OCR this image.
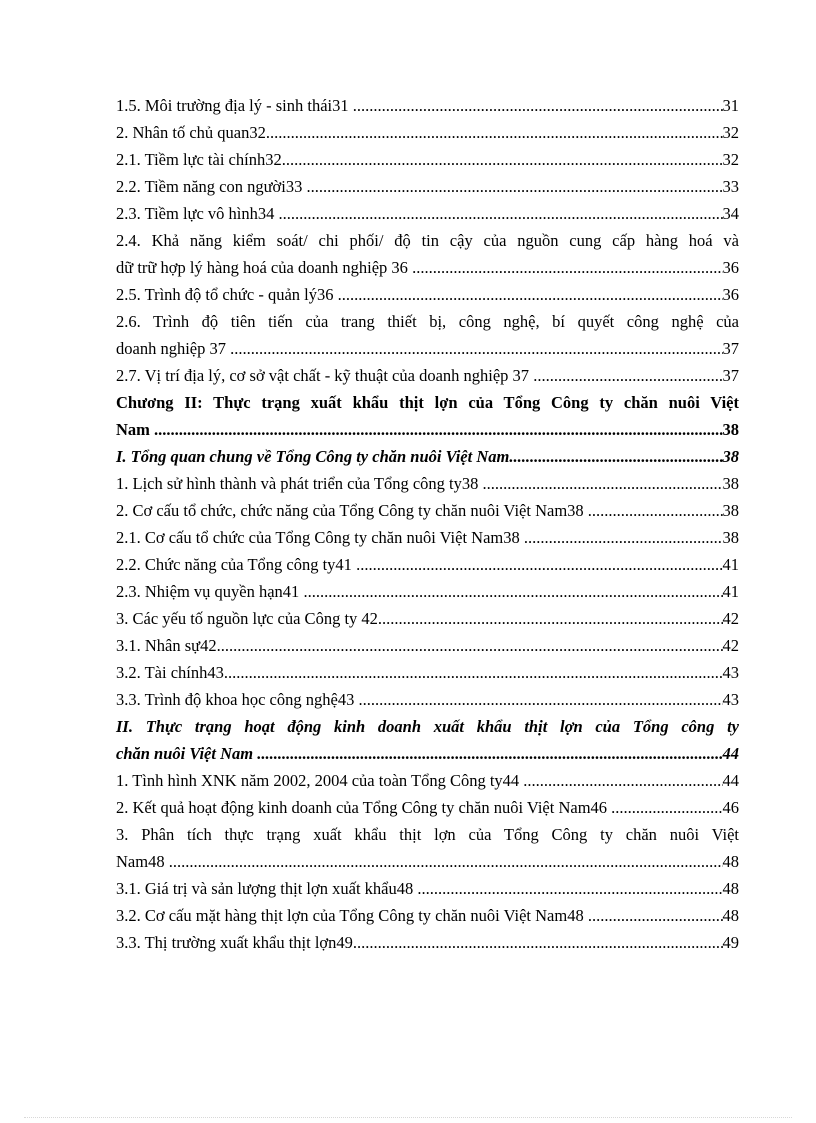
1.5. Môi trường địa lý - sinh thái31 .....	31
2. Nhân tố chủ quan32 .....	32
2.1. Tiềm lực tài chính32 .....	32
2.2. Tiềm năng con người33 .....	33
2.3. Tiềm lực vô hình34 .....	34
2.4. Khả năng kiểm soát/ chi phối/ độ tin cậy của nguồn cung cấp hàng hoá và
dữ trữ hợp lý hàng hoá của doanh nghiệp 36 .....	36
2.5. Trình độ tổ chức - quản lý36 .....	36
2.6. Trình độ tiên tiến của trang thiết bị, công nghệ, bí quyết công nghệ của
doanh nghiệp 37 .....	37
2.7. Vị trí địa lý, cơ sở vật chất - kỹ thuật của doanh nghiệp 37 .....	37
Chương II: Thực trạng xuất khẩu thịt lợn của Tổng Công ty chăn nuôi Việt
Nam .....	38
I. Tổng quan chung về Tổng Công ty chăn nuôi Việt Nam .....	38
1. Lịch sử hình thành và phát triển của Tổng công ty38 .....	38
2. Cơ cấu tổ chức, chức năng của Tổng Công ty chăn nuôi Việt Nam38 .....	38
2.1. Cơ cấu tổ chức của Tổng Công ty chăn nuôi Việt Nam38 .....	38
2.2. Chức năng của Tổng công ty41 .....	41
2.3. Nhiệm vụ quyền hạn41 .....	41
3. Các yếu tố nguồn lực của Công ty 42 .....	42
3.1. Nhân sự42 .....	42
3.2. Tài chính43 .....	43
3.3. Trình độ khoa học công nghệ43 .....	43
II. Thực trạng hoạt động kinh doanh xuất khẩu thịt lợn của Tổng công ty
chăn nuôi Việt Nam .....	44
1. Tình hình XNK năm 2002, 2004 của toàn Tổng Công ty44 .....	44
2. Kết quả hoạt động kinh doanh của Tổng Công ty chăn nuôi Việt Nam46 .....	46
3. Phân tích thực trạng xuất khẩu thịt lợn của Tổng Công ty chăn nuôi Việt
Nam48 .....	48
3.1. Giá trị và sản lượng thịt lợn xuất khẩu48 .....	48
3.2. Cơ cấu mặt hàng thịt lợn của Tổng Công ty chăn nuôi Việt Nam48 .....	48
3.3. Thị trường xuất khẩu thịt lợn49 .....	49
